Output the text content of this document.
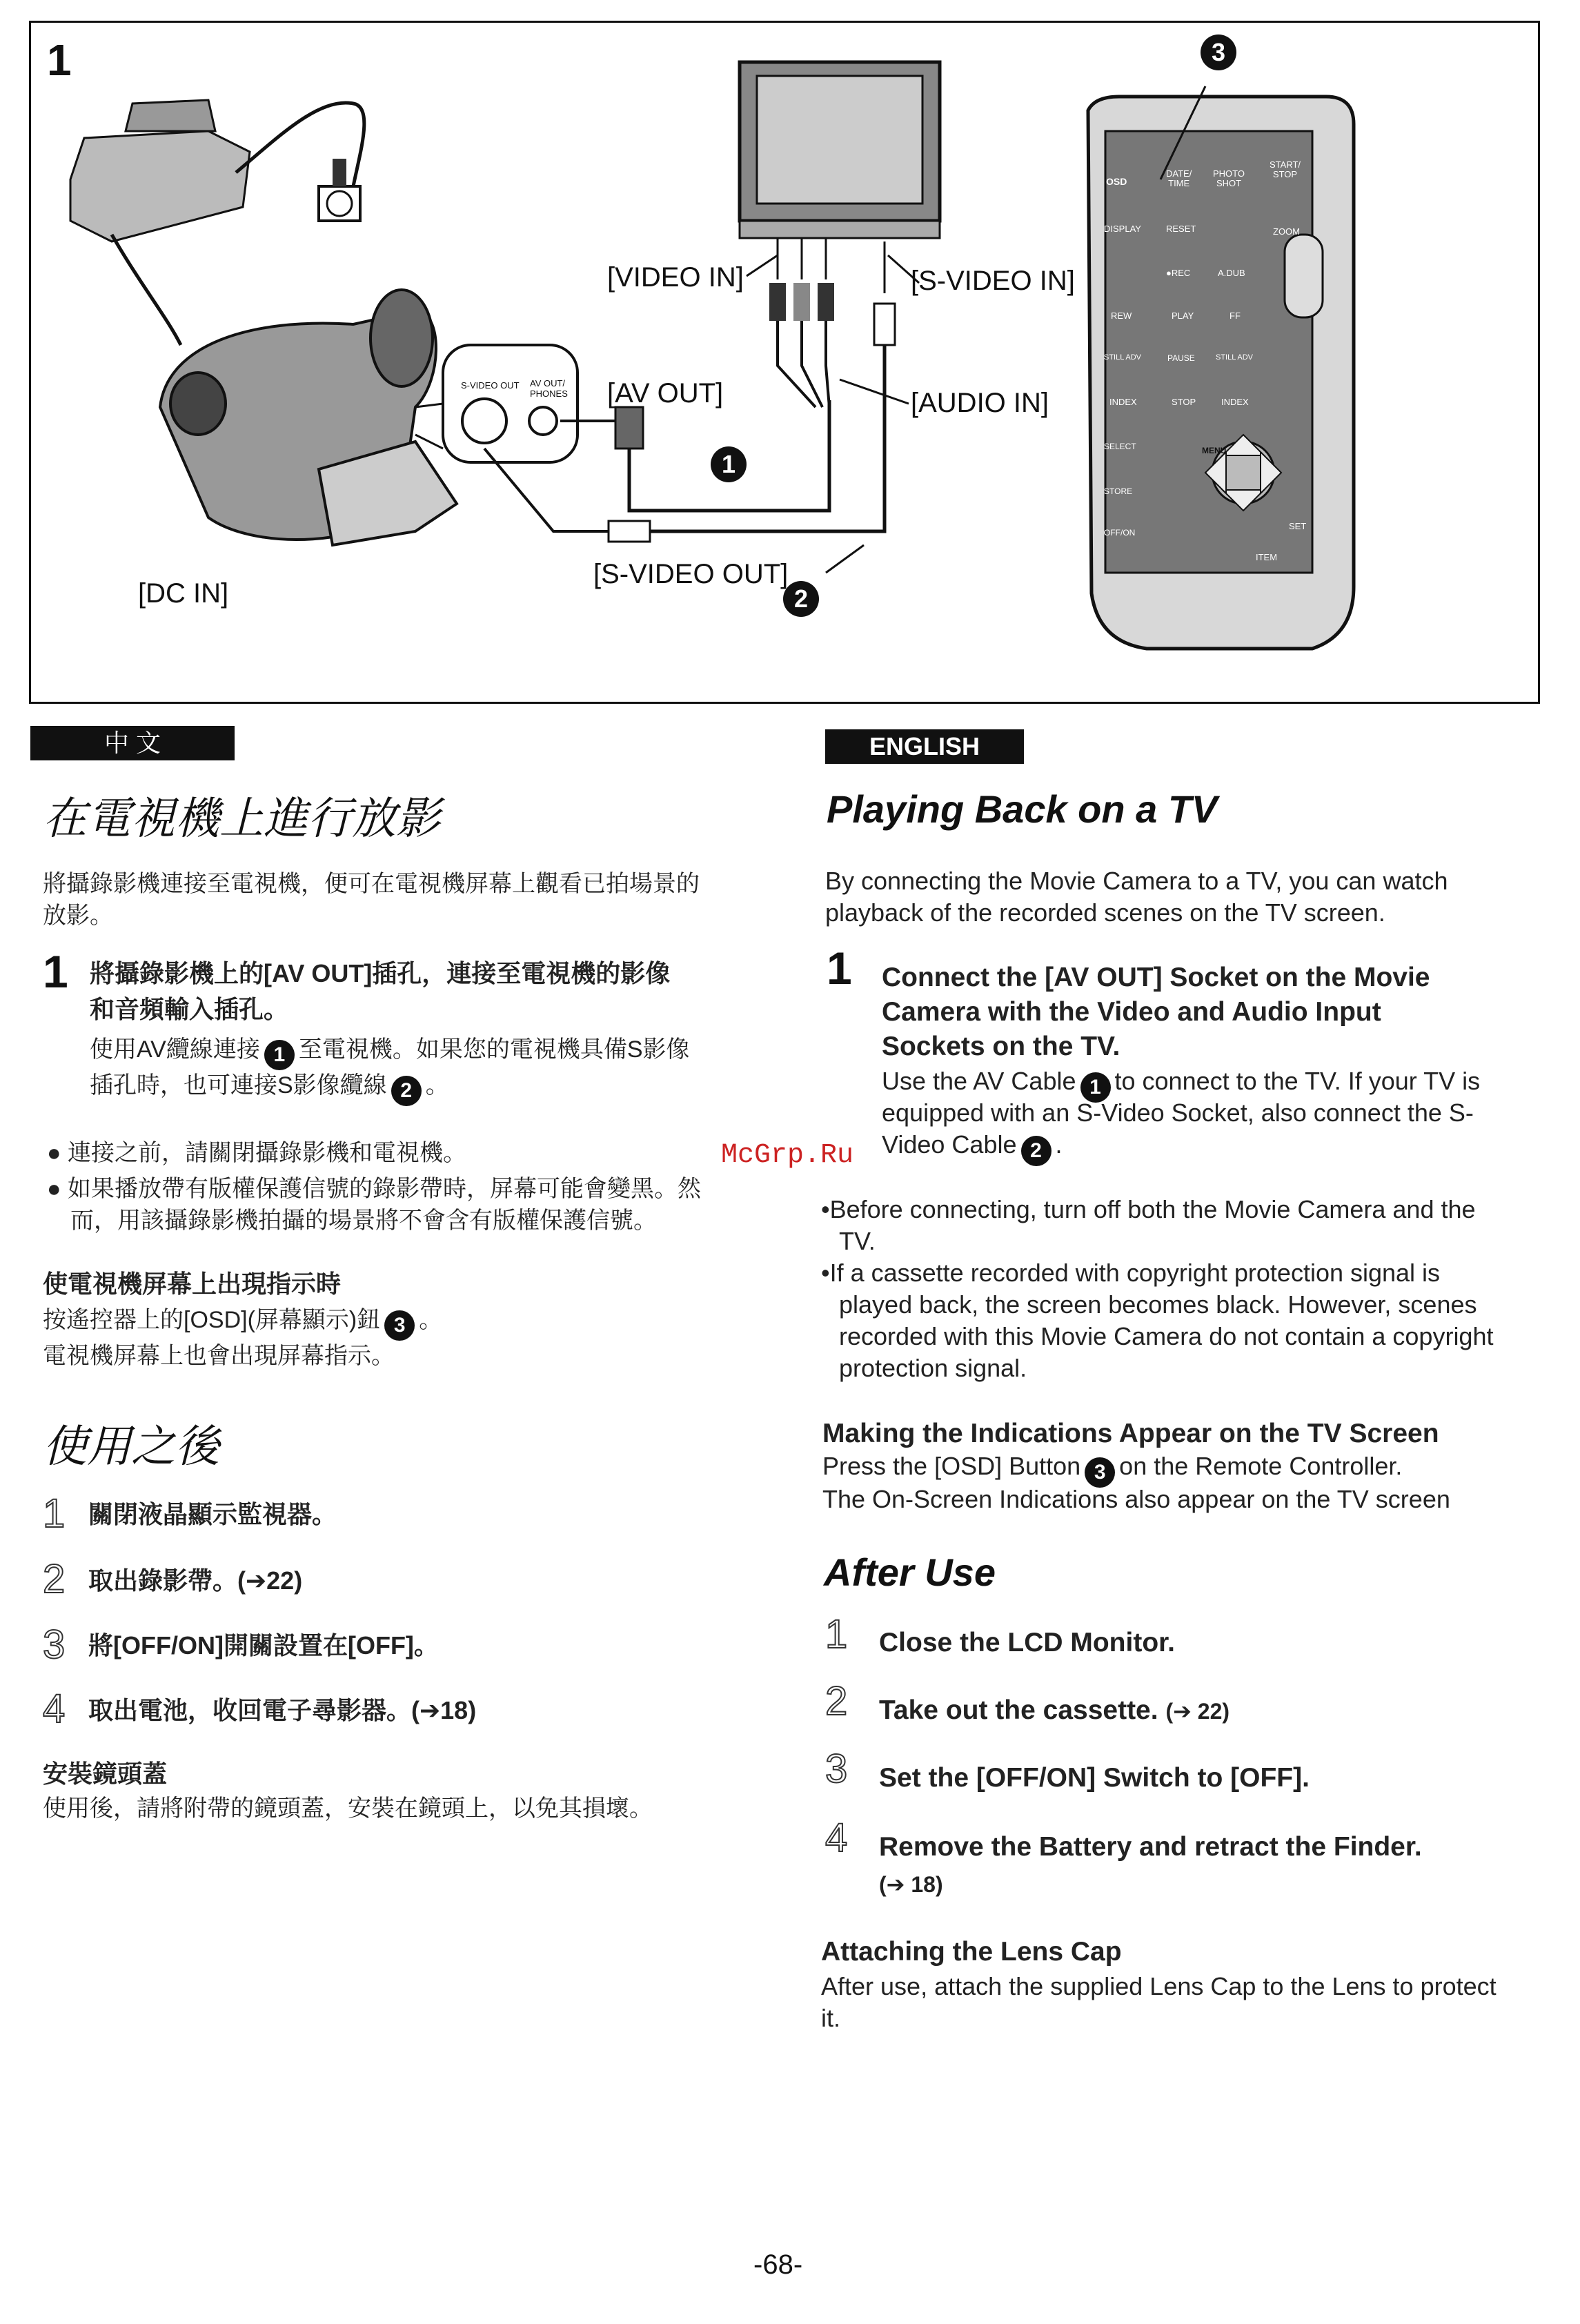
1
[VIDEO IN]	[S-VIDEO IN]
[AV OUT]	[AUDIO IN]
[DC IN]
[S-VIDEO OUT]
S-VIDEO OUT AV OUT/
PHONES
1
2
3
OSD
DATE/
TIME
PHOTO
SHOT
START/
STOP
DISPLAY	RESET	ZOOM
●REC	A.DUB
REW	PLAY	FF
STILL ADV	PAUSE	STILL ADV
INDEX	STOP	INDEX
SELECT
STORE
OFF/ON
MENU
SET
ITEM
中 文
在電視機上進行放影
將攝錄影機連接至電視機，便可在電視機屏幕上觀看已拍場景的
放影。
1 將攝錄影機上的[AV OUT]插孔，連接至電視機的影像
和音頻輸入插孔。
使用AV纜線連接 1 至電視機。如果您的電視機具備S影像
插孔時，也可連接S影像纜線 2 。
● 連接之前，請關閉攝錄影機和電視機。
● 如果播放帶有版權保護信號的錄影帶時，屏幕可能會變黑。然
而，用該攝錄影機拍攝的場景將不會含有版權保護信號。
使電視機屏幕上出現指示時
按遙控器上的[OSD](屏幕顯示)鈕 3 。
電視機屏幕上也會出現屏幕指示。
使用之後
1 關閉液晶顯示監視器。
2 取出錄影帶。(➔22)
3 將[OFF/ON]開關設置在[OFF]。
4 取出電池，收回電子尋影器。(➔18)
安裝鏡頭蓋
使用後，請將附帶的鏡頭蓋，安裝在鏡頭上，以免其損壞。
McGrp.Ru
ENGLISH
Playing Back on a TV
By connecting the Movie Camera to a TV, you can watch
playback of the recorded scenes on the TV screen.
1 Connect the [AV OUT] Socket on the Movie
Camera with the Video and Audio Input
Sockets on the TV.
Use the AV Cable 1 to connect to the TV. If your TV is
equipped with an S-Video Socket, also connect the S-
Video Cable 2 .
•Before connecting, turn off both the Movie Camera and the
TV.
•If a cassette recorded with copyright protection signal is
played back, the screen becomes black. However, scenes
recorded with this Movie Camera do not contain a copyright
protection signal.
Making the Indications Appear on the TV Screen
Press the [OSD] Button 3 on the Remote Controller.
The On-Screen Indications also appear on the TV screen
After Use
1 Close the LCD Monitor.
2 Take out the cassette. (➔ 22)
3 Set the [OFF/ON] Switch to [OFF].
4 Remove the Battery and retract the Finder.
(➔ 18)
Attaching the Lens Cap
After use, attach the supplied Lens Cap to the Lens to protect
it.
-68-
